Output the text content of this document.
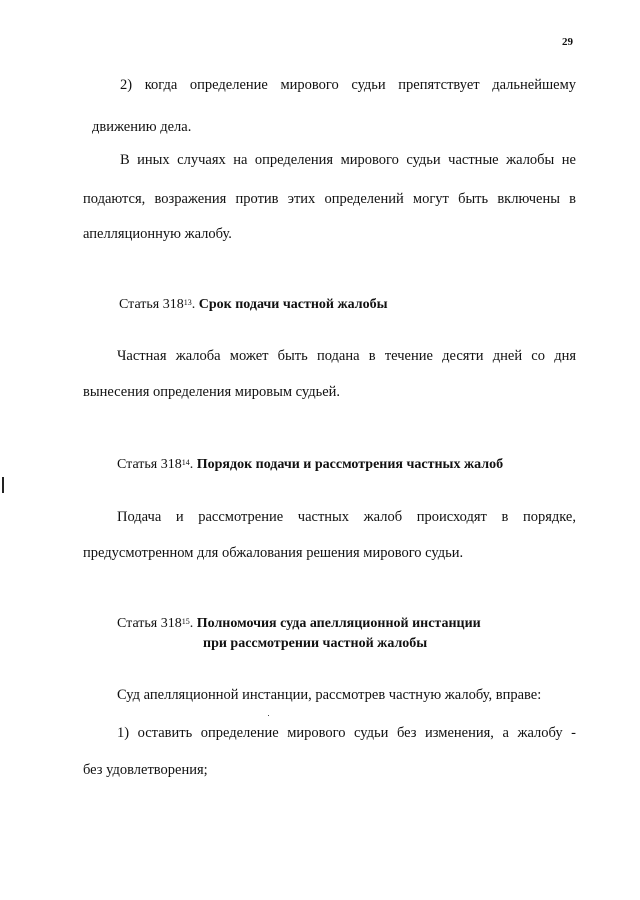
29
2) когда определение мирового судьи препятствует дальнейшему
движению дела.
В иных случаях на определения мирового судьи частные жалобы не
подаются, возражения против этих определений могут быть включены в
апелляционную жалобу.
Статья $318^{13}$. Срок подачи частной жалобы
Частная жалоба может быть подана в течение десяти дней со дня
вынесения определения мировым судьей.
Статья $318^{14}$. Порядок подачи и рассмотрения частных жалоб
Подача и рассмотрение частных жалоб происходят в порядке,
предусмотренном для обжалования решения мирового судьи.
Статья $318^{15}$. Полномочия суда апелляционной инстанции
при рассмотрении частной жалобы
Суд апелляционной инстанции, рассмотрев частную жалобу, вправе:
1) оставить определение мирового судьи без изменения, а жалобу -
без удовлетворения;
